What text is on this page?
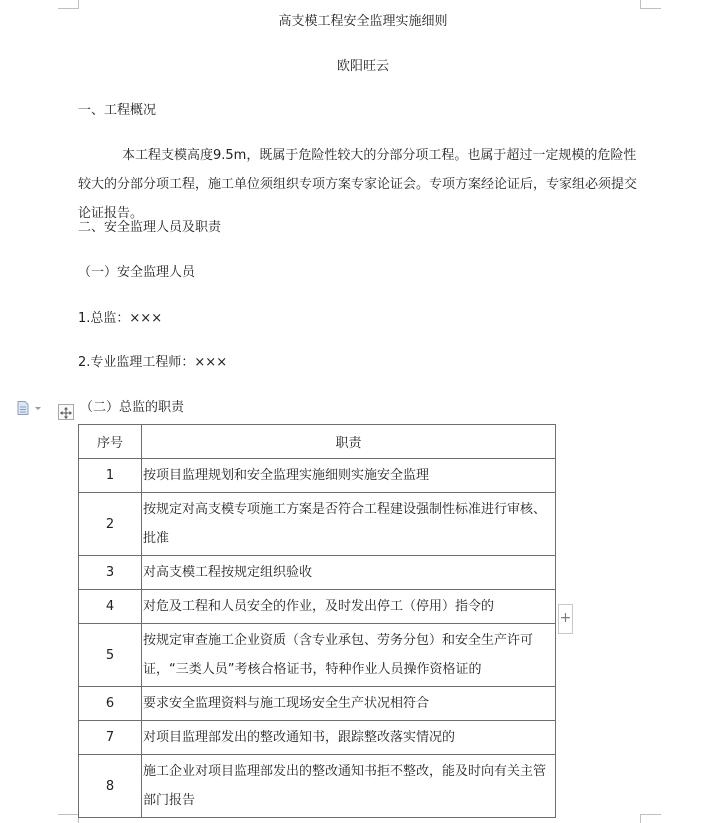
高支模工程安全监理实施细则
欧阳旺云
一、工程概况
本工程支模高度9.5m，既属于危险性较大的分部分项工程。也属于超过一定规模的危险性较大的分部分项工程，施工单位须组织专项方案专家论证会。专项方案经论证后，专家组必须提交论证报告。
二、安全监理人员及职责
（一）安全监理人员
1.总监：×××
2.专业监理工程师：×××
（二）总监的职责
序号	职责
1	按项目监理规划和安全监理实施细则实施安全监理
2	按规定对高支模专项施工方案是否符合工程建设强制性标准进行审核、批准
3	对高支模工程按规定组织验收
4	对危及工程和人员安全的作业，及时发出停工（停用）指令的
5	按规定审查施工企业资质（含专业承包、劳务分包）和安全生产许可证，“三类人员”考核合格证书，特种作业人员操作资格证的
6	要求安全监理资料与施工现场安全生产状况相符合
7	对项目监理部发出的整改通知书，跟踪整改落实情况的
8	施工企业对项目监理部发出的整改通知书拒不整改，能及时向有关主管部门报告
+
